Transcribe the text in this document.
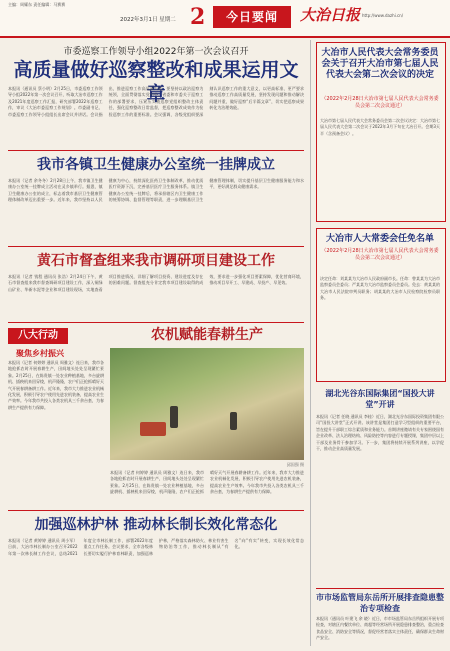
主编：周耀东 责任编辑：马赛赛
2022年3月1日 星期二 2	今日要闻	大治日报 http://www.dazhi.cn/
市委巡察工作领导小组2022年第一次会议召开
高质量做好巡察整改和成果运用文章
本报讯（通讯员 蔡小明）2月25日，市委巡察工作领导小组2022年第一次会议召开，听取大冶市巡察工作及2021年度巡察工作汇报，研究部署2022年巡察工作，审议《大冶市委巡察工作规划》。市委副书记、市委巡察工作领导小组组长出席会议并讲话。会议指出，推进巡察工作高质量发展，要坚持以政治巡察为统领，全面贯彻落实党中央、省委和市委关于巡察工作的部署要求，压紧压实被巡察党组织整改主体责任，强化巡察整改日常监督，把巡察整改成效作为检验巡察工作的重要标准。会议强调，各级党组织要深刻认识巡察工作的重大意义，以更高标准、更严要求推动巡察工作高质量发展，坚持发现问题和推动解决问题并重，做好巡察“后半篇文章”，切实把巡察成果转化为治理效能。
我市各镇卫生健康办公室统一挂牌成立
本报讯（记者 余冬冬）2月28日上午，我市镇卫生健康办公室统一挂牌成立活动在灵乡镇举行。据悉，镇卫生健康办公室的成立，标志着我市基层卫生健康管理体制改革迈出重要一步。近年来，我市坚持以人民健康为中心，持续深化医药卫生体制改革，推动优质医疗资源下沉，完善基层医疗卫生服务体系。镇卫生健康办公室统一挂牌后，将承担辖区内卫生健康工作的统筹协调、监督管理等职责，进一步理顺基层卫生健康管理体制，切实提升基层卫生健康服务能力和水平，更好满足群众健康需求。
黄石市督查组来我市调研项目建设工作
本报讯（记者 钱程 通讯员 张浩）2月24日下午，黄石市督查组来我市督查调研项目建设工作，深入铜绿山矿业、华新水泥等企业和项目建设现场，实地查看项目推进情况，详细了解项目投资、建设进度及存在的困难问题。督查组充分肯定我市项目建设取得的成效，要求进一步强化项目要素保障，优化营商环境，推动项目早开工、早建成、早投产、早见效。
八大行动
聚焦乡村振兴
农机赋能春耕生产
本报讯（记者 何婷婷 通讯员 周雅文）连日来，我市各地抢抓农时开展春耕生产，田间地头处处呈现繁忙景象。2月25日，在陈贵镇一处农业种植基地，多台旋耕机、插秧机来回穿梭，机声隆隆，农户们正抢抓晴好天气开展春耕备耕工作。近年来，我市大力推进农业机械化发展，积极引导农户使用先进农机装备，提高农业生产效率。今年我市共投入各类农机具三千余台套，为春耕生产提供有力保障。
邱国强 摄
本报讯（记者 何婷婷 通讯员 周雅文）连日来，我市各地抢抓农时开展春耕生产，田间地头处处呈现繁忙景象。2月25日，在陈贵镇一处农业种植基地，多台旋耕机、插秧机来回穿梭，机声隆隆，农户们正抢抓晴好天气开展春耕备耕工作。近年来，我市大力推进农业机械化发展，积极引导农户使用先进农机装备，提高农业生产效率。今年我市共投入各类农机具三千余台套，为春耕生产提供有力保障。
加强巡林护林 推动林长制长效化常态化
本报讯（记者 黄婷婷 通讯员 周小军）日前，大冶市林长制办公室召开2022年第一次林长制工作会议，总结2021年度全市林长制工作，部署2022年度重点工作任务。会议要求，全市各级林长要切实履行护林育林职责，加强巡林护林，严格落实森林防火、林业有害生物防治等工作，推动林长制从“有名”向“有实”转变，实现长效化常态化。
大冶市人民代表大会常务委员会关于召开大冶市第七届人民代表大会第二次会议的决定
（2022年2月28日大冶市第七届人民代表大会常务委员会第二次会议通过）
大冶市第七届人民代表大会常务委员会第二次会议决定：大冶市第七届人民代表大会第二次会议于2022年3月下旬在大冶召开。会期3天半（含预备会议）。
大冶市人大常委会任免名单
（2022年2月28日大冶市第七届人民代表大会常务委员会第二次会议通过）
决定任命：刘某某为大冶市人民政府副市长。任命：曾某某为大冶市监察委员会委员；严某某为大冶市监察委员会委员。免去：黄某某的大冶市人民法院审判员职务；胡某某的大冶市人民检察院检察员职务。
湖北光谷东国际集团“国投大讲堂”开讲
本报讯（记者 任晓 通讯员 李桂）近日，湖北光谷东国际投资集团有限公司“国投大讲堂”正式开讲。该讲堂是集团打造学习型组织的重要平台，旨在提升干部职工综合素质和业务能力。首期讲座邀请有关专家围绕国有企业改革、法人治理结构、风险防控等内容进行专题授课，集团中层以上干部及业务骨干参加学习。下一步，集团将持续开展系列讲座，以学促干，推动企业高质量发展。
市市场监管局东岳所开展排查隐患整治专项检查
本报讯（通讯员 叶建飞 余 晓）近日，市市场监管局东岳所组织开展专项检查，对辖区内餐饮单位、商超等经营场所开展隐患排查整治，重点检查食品安全、消防安全等情况，督促经营者落实主体责任，确保群众生命财产安全。
